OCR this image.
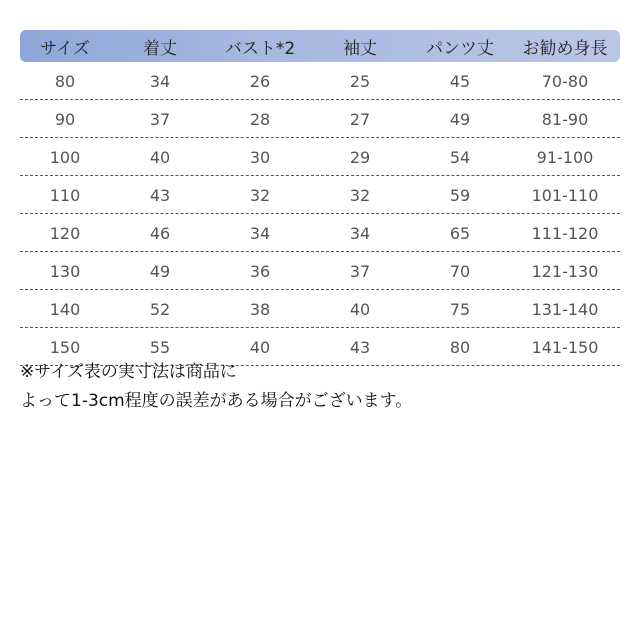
サイズ	着丈	バスト*2	袖丈	パンツ丈	お勧め身長
80	34	26	25	45	70-80
90	37	28	27	49	81-90
100	40	30	29	54	91-100
110	43	32	32	59	101-110
120	46	34	34	65	111-120
130	49	36	37	70	121-130
140	52	38	40	75	131-140
150	55	40	43	80	141-150
※サイズ表の実寸法は商品に
よって1-3cm程度の誤差がある場合がございます。
